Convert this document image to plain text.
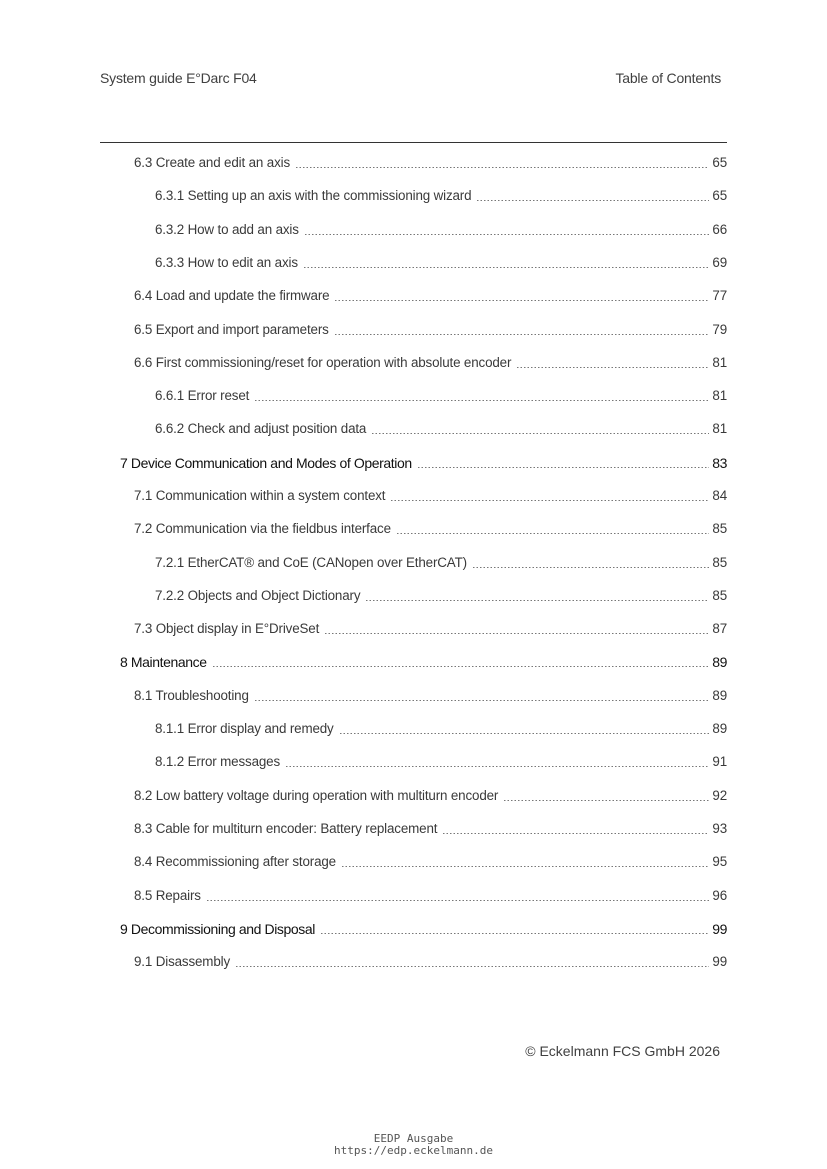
System guide E°Darc F04	Table of Contents
6.3 Create and edit an axis	65
6.3.1 Setting up an axis with the commissioning wizard	65
6.3.2 How to add an axis	66
6.3.3 How to edit an axis	69
6.4 Load and update the firmware	77
6.5 Export and import parameters	79
6.6 First commissioning/reset for operation with absolute encoder	81
6.6.1 Error reset	81
6.6.2 Check and adjust position data	81
7 Device Communication and Modes of Operation	83
7.1 Communication within a system context	84
7.2 Communication via the fieldbus interface	85
7.2.1 EtherCAT® and CoE (CANopen over EtherCAT)	85
7.2.2 Objects and Object Dictionary	85
7.3 Object display in E°DriveSet	87
8 Maintenance	89
8.1 Troubleshooting	89
8.1.1 Error display and remedy	89
8.1.2 Error messages	91
8.2 Low battery voltage during operation with multiturn encoder	92
8.3 Cable for multiturn encoder: Battery replacement	93
8.4 Recommissioning after storage	95
8.5 Repairs	96
9 Decommissioning and Disposal	99
9.1 Disassembly	99
© Eckelmann FCS GmbH 2026
EEDP Ausgabe
https://edp.eckelmann.de
